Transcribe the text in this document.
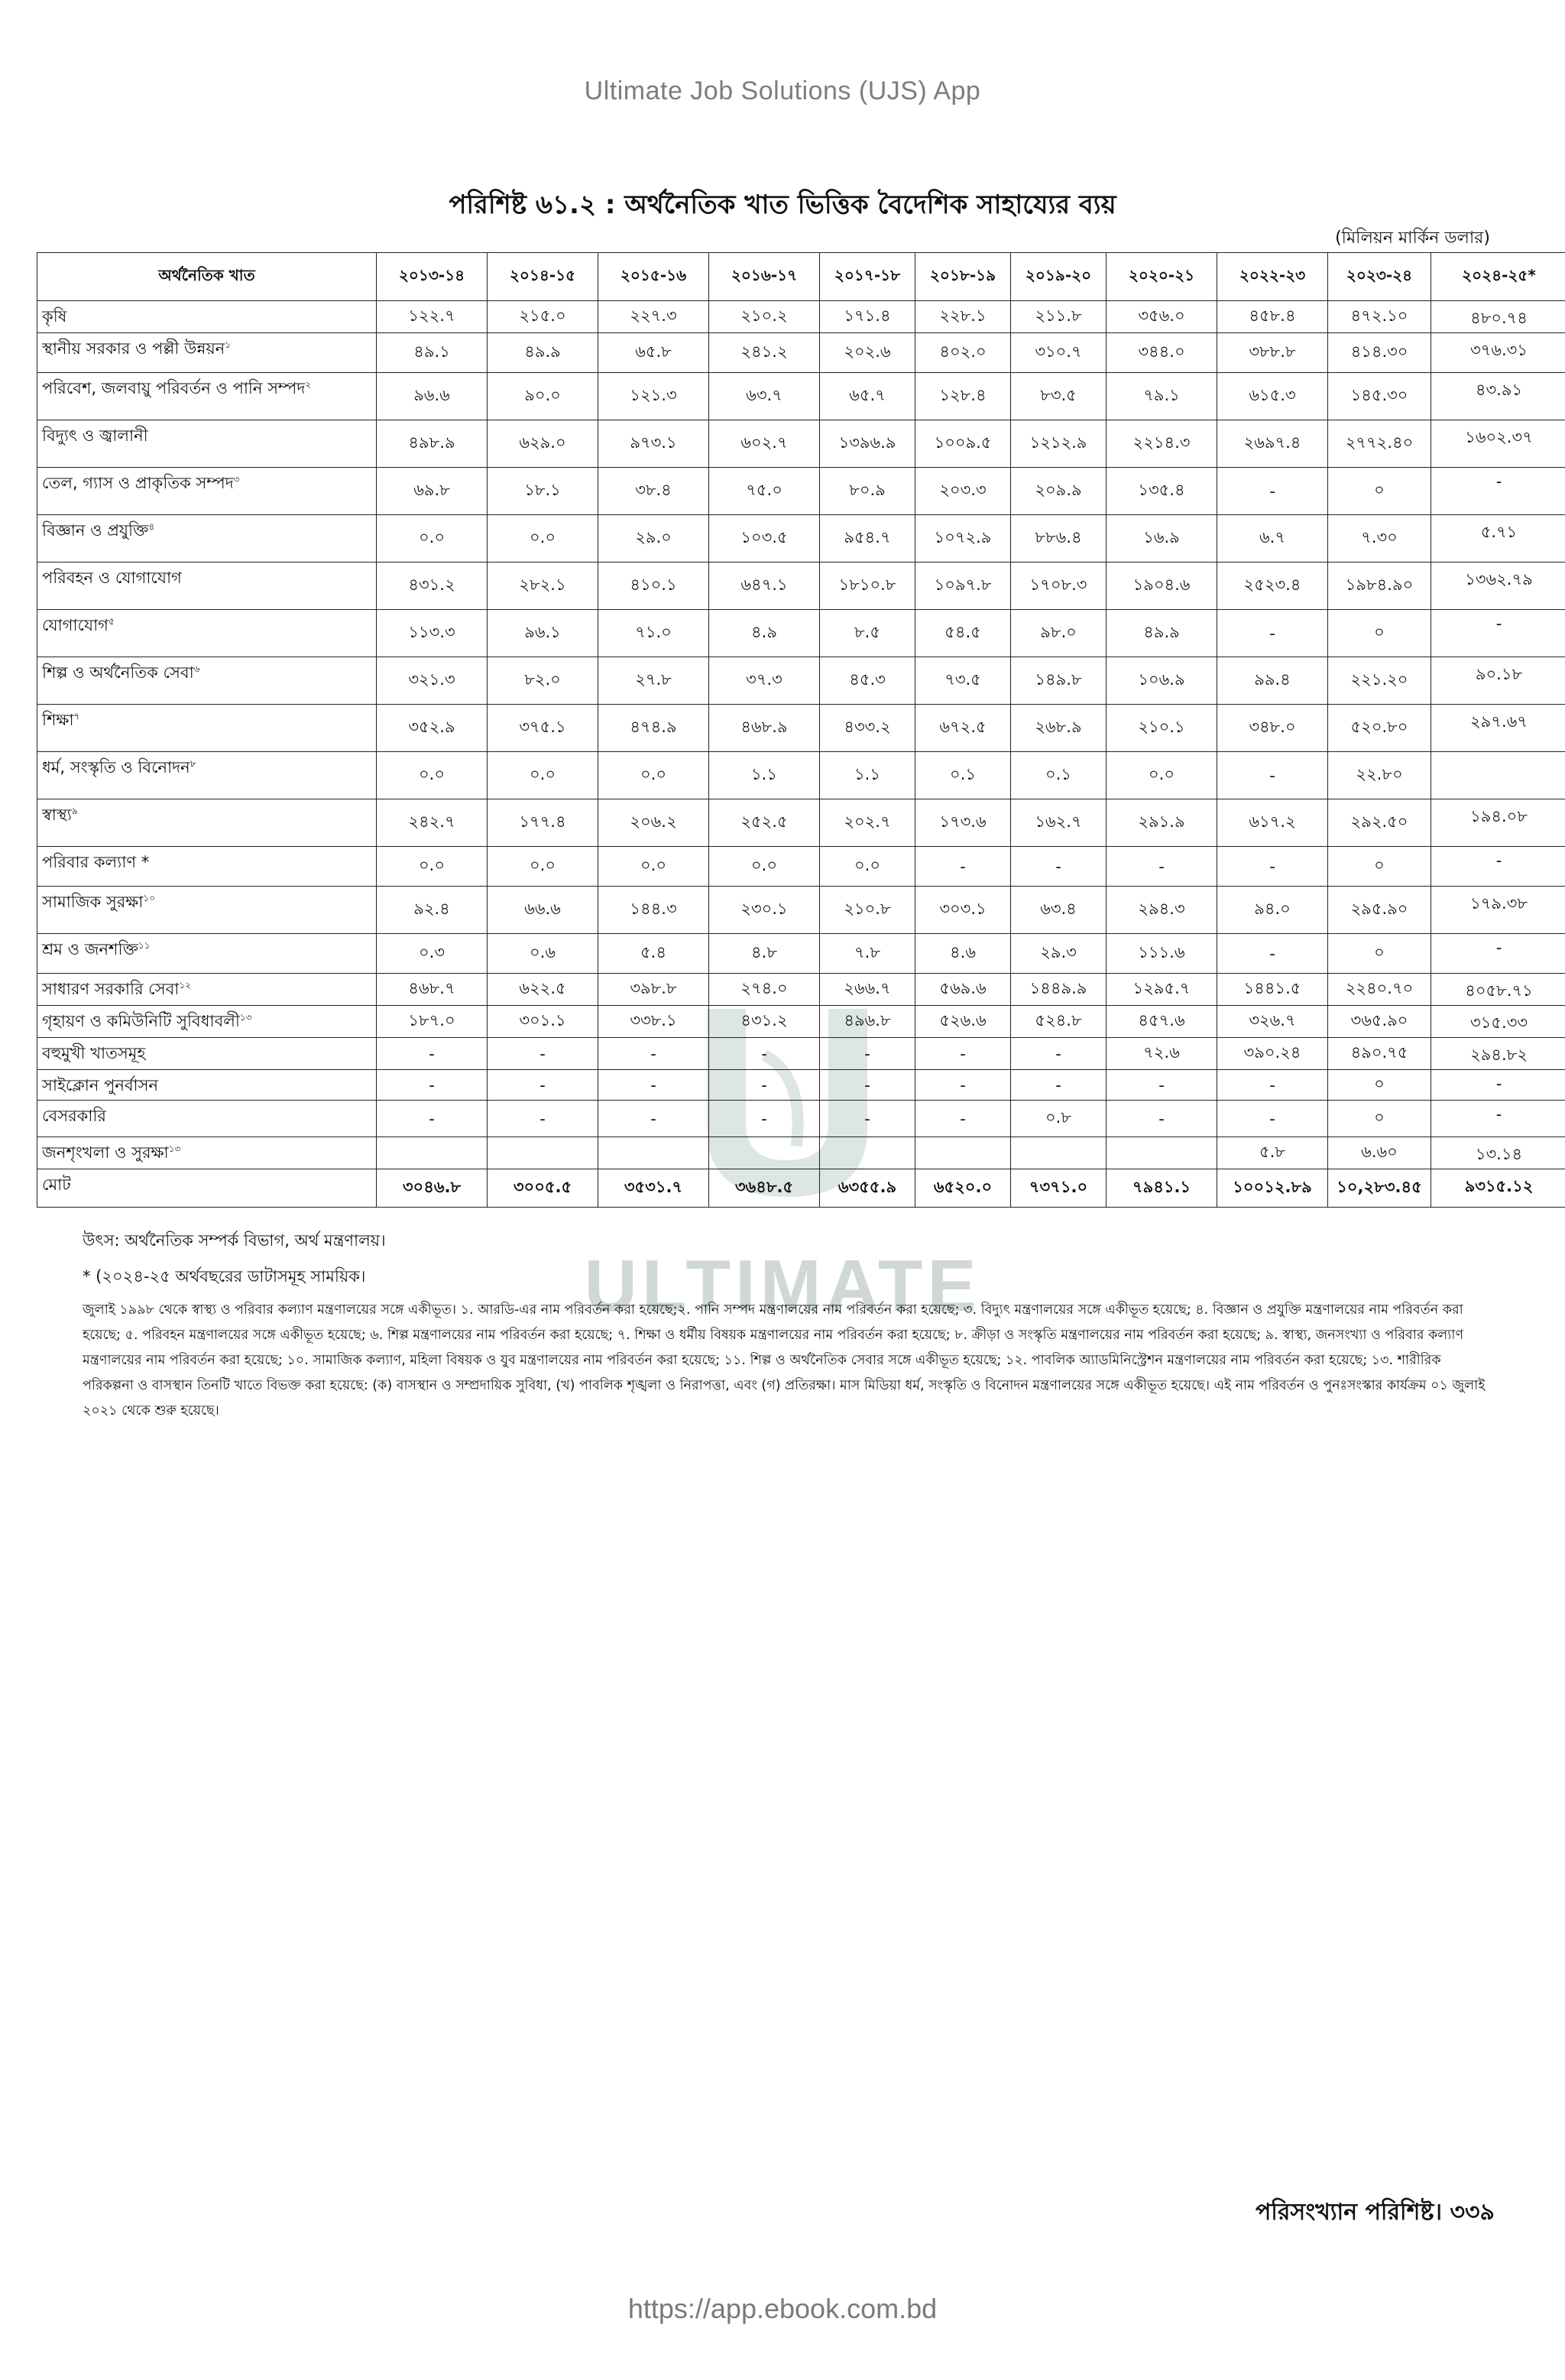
Ultimate Job Solutions (UJS) App
পরিশিষ্ট ৬১.২ : অর্থনৈতিক খাত ভিত্তিক বৈদেশিক সাহায্যের ব্যয়
(মিলিয়ন মার্কিন ডলার)
ULTIMATE
অর্থনৈতিক খাত	২০১৩-১৪	২০১৪-১৫	২০১৫-১৬	২০১৬-১৭	২০১৭-১৮	২০১৮-১৯	২০১৯-২০	২০২০-২১	২০২২-২৩	২০২৩-২৪	২০২৪-২৫*
কৃষি	১২২.৭	২১৫.০	২২৭.৩	২১০.২	১৭১.৪	২২৮.১	২১১.৮	৩৫৬.০	৪৫৮.৪	৪৭২.১০	৪৮০.৭৪
স্থানীয় সরকার ও পল্লী উন্নয়ন$^১$	৪৯.১	৪৯.৯	৬৫.৮	২৪১.২	২০২.৬	৪০২.০	৩১০.৭	৩৪৪.০	৩৮৮.৮	৪১৪.৩০	৩৭৬.৩১
পরিবেশ, জলবায়ু পরিবর্তন ও পানি সম্পদ$^২$	৯৬.৬	৯০.০	১২১.৩	৬৩.৭	৬৫.৭	১২৮.৪	৮৩.৫	৭৯.১	৬১৫.৩	১৪৫.৩০	৪৩.৯১
বিদ্যুৎ ও জ্বালানী	৪৯৮.৯	৬২৯.০	৯৭৩.১	৬০২.৭	১৩৯৬.৯	১০০৯.৫	১২১২.৯	২২১৪.৩	২৬৯৭.৪	২৭৭২.৪০	১৬০২.৩৭
তেল, গ্যাস ও প্রাকৃতিক সম্পদ$^৩$	৬৯.৮	১৮.১	৩৮.৪	৭৫.০	৮০.৯	২০৩.৩	২০৯.৯	১৩৫.৪	-	০	-
বিজ্ঞান ও প্রযুক্তি$^৪$	০.০	০.০	২৯.০	১০৩.৫	৯৫৪.৭	১০৭২.৯	৮৮৬.৪	১৬.৯	৬.৭	৭.৩০	৫.৭১
পরিবহন ও যোগাযোগ	৪৩১.২	২৮২.১	৪১০.১	৬৪৭.১	১৮১০.৮	১০৯৭.৮	১৭০৮.৩	১৯০৪.৬	২৫২৩.৪	১৯৮৪.৯০	১৩৬২.৭৯
যোগাযোগ$^৫$	১১৩.৩	৯৬.১	৭১.০	৪.৯	৮.৫	৫৪.৫	৯৮.০	৪৯.৯	-	০	-
শিল্প ও অর্থনৈতিক সেবা$^৬$	৩২১.৩	৮২.০	২৭.৮	৩৭.৩	৪৫.৩	৭৩.৫	১৪৯.৮	১০৬.৯	৯৯.৪	২২১.২০	৯০.১৮
শিক্ষা$^৭$	৩৫২.৯	৩৭৫.১	৪৭৪.৯	৪৬৮.৯	৪৩৩.২	৬৭২.৫	২৬৮.৯	২১০.১	৩৪৮.০	৫২০.৮০	২৯৭.৬৭
ধর্ম, সংস্কৃতি ও বিনোদন$^৮$	০.০	০.০	০.০	১.১	১.১	০.১	০.১	০.০	-	২২.৮০	
স্বাস্থ্য$^৯$	২৪২.৭	১৭৭.৪	২০৬.২	২৫২.৫	২০২.৭	১৭৩.৬	১৬২.৭	২৯১.৯	৬১৭.২	২৯২.৫০	১৯৪.০৮
পরিবার কল্যাণ *	০.০	০.০	০.০	০.০	০.০	-	-	-	-	০	-
সামাজিক সুরক্ষা$^{১০}$	৯২.৪	৬৬.৬	১৪৪.৩	২৩০.১	২১০.৮	৩০৩.১	৬৩.৪	২৯৪.৩	৯৪.০	২৯৫.৯০	১৭৯.৩৮
শ্রম ও জনশক্তি$^{১১}$	০.৩	০.৬	৫.৪	৪.৮	৭.৮	৪.৬	২৯.৩	১১১.৬	-	০	-
সাধারণ সরকারি সেবা$^{১২}$	৪৬৮.৭	৬২২.৫	৩৯৮.৮	২৭৪.০	২৬৬.৭	৫৬৯.৬	১৪৪৯.৯	১২৯৫.৭	১৪৪১.৫	২২৪০.৭০	৪০৫৮.৭১
গৃহায়ণ ও কমিউনিটি সুবিধাবলী$^{১৩}$	১৮৭.০	৩০১.১	৩৩৮.১	৪৩১.২	৪৯৬.৮	৫২৬.৬	৫২৪.৮	৪৫৭.৬	৩২৬.৭	৩৬৫.৯০	৩১৫.৩৩
বহুমুখী খাতসমূহ	-	-	-	-	-	-	-	৭২.৬	৩৯০.২৪	৪৯০.৭৫	২৯৪.৮২
সাইক্লোন পুনর্বাসন	-	-	-	-	-	-	-	-	-	০	-
বেসরকারি	-	-	-	-	-	-	০.৮	-	-	০	-
জনশৃংখলা ও সুরক্ষা$^{১৩}$									৫.৮	৬.৬০	১৩.১৪
মোট	৩০৪৬.৮	৩০০৫.৫	৩৫৩১.৭	৩৬৪৮.৫	৬৩৫৫.৯	৬৫২০.০	৭৩৭১.০	৭৯৪১.১	১০০১২.৮৯	১০,২৮৩.৪৫	৯৩১৫.১২
উৎস: অর্থনৈতিক সম্পর্ক বিভাগ, অর্থ মন্ত্রণালয়।
* (২০২৪-২৫ অর্থবছরের ডাটাসমূহ সাময়িক।
জুলাই ১৯৯৮ থেকে স্বাস্থ্য ও পরিবার কল্যাণ মন্ত্রণালয়ের সঙ্গে একীভূত। ১. আরডি-এর নাম পরিবর্তন করা হয়েছে;২. পানি সম্পদ মন্ত্রণালয়ের নাম পরিবর্তন করা হয়েছে; ৩. বিদ্যুৎ মন্ত্রণালয়ের সঙ্গে একীভূত হয়েছে; ৪. বিজ্ঞান ও প্রযুক্তি মন্ত্রণালয়ের নাম পরিবর্তন করা হয়েছে; ৫. পরিবহন মন্ত্রণালয়ের সঙ্গে একীভূত হয়েছে; ৬. শিল্প মন্ত্রণালয়ের নাম পরিবর্তন করা হয়েছে; ৭. শিক্ষা ও ধর্মীয় বিষয়ক মন্ত্রণালয়ের নাম পরিবর্তন করা হয়েছে; ৮. ক্রীড়া ও সংস্কৃতি মন্ত্রণালয়ের নাম পরিবর্তন করা হয়েছে; ৯. স্বাস্থ্য, জনসংখ্যা ও পরিবার কল্যাণ মন্ত্রণালয়ের নাম পরিবর্তন করা হয়েছে; ১০. সামাজিক কল্যাণ, মহিলা বিষয়ক ও যুব মন্ত্রণালয়ের নাম পরিবর্তন করা হয়েছে; ১১. শিল্প ও অর্থনৈতিক সেবার সঙ্গে একীভূত হয়েছে; ১২. পাবলিক অ্যাডমিনিস্ট্রেশন মন্ত্রণালয়ের নাম পরিবর্তন করা হয়েছে; ১৩. শারীরিক পরিকল্পনা ও বাসস্থান তিনটি খাতে বিভক্ত করা হয়েছে: (ক) বাসস্থান ও সম্প্রদায়িক সুবিধা, (খ) পাবলিক শৃঙ্খলা ও নিরাপত্তা, এবং (গ) প্রতিরক্ষা। মাস মিডিয়া ধর্ম, সংস্কৃতি ও বিনোদন মন্ত্রণালয়ের সঙ্গে একীভূত হয়েছে। এই নাম পরিবর্তন ও পুনঃসংস্কার কার্যক্রম ০১ জুলাই ২০২১ থেকে শুরু হয়েছে।
পরিসংখ্যান পরিশিষ্ট। ৩৩৯
https://app.ebook.com.bd
